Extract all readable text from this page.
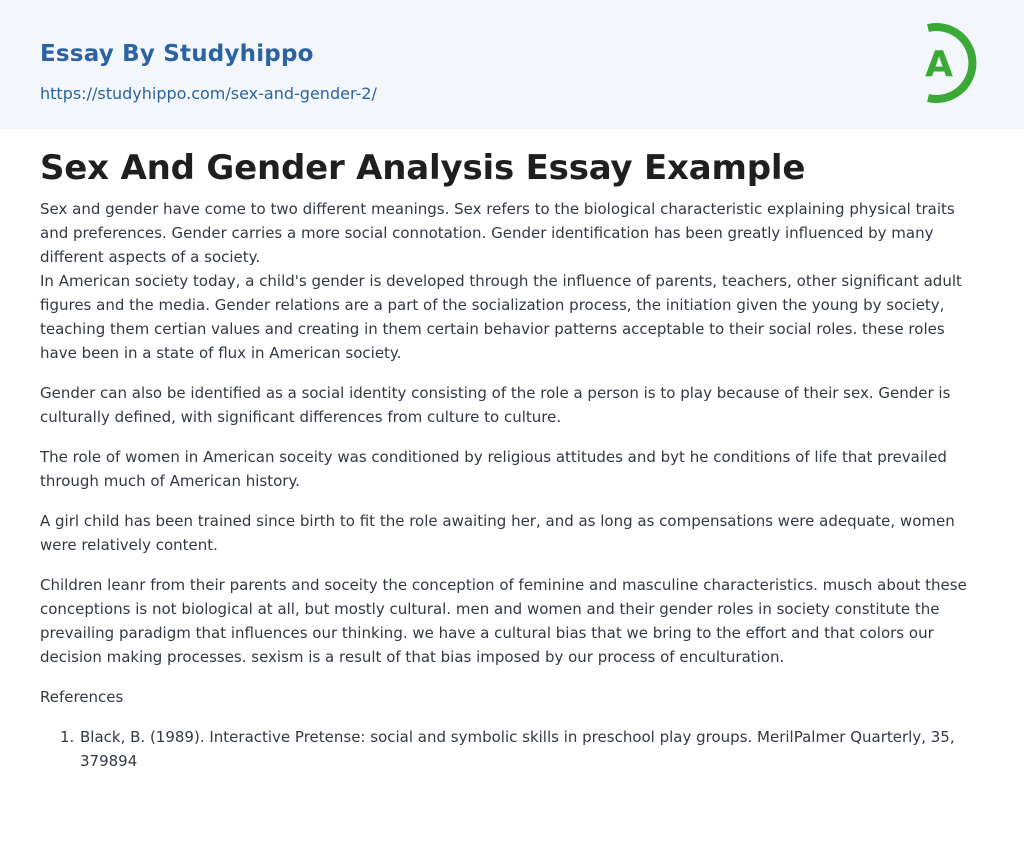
Essay By Studyhippo
https://studyhippo.com/sex-and-gender-2/
A
Sex And Gender Analysis Essay Example

Sex and gender have come to two different meanings. Sex refers to the biological characteristic explaining physical traits and preferences. Gender carries a more social connotation. Gender identification has been greatly influenced by many different aspects of a society.

In American society today, a child's gender is developed through the influence of parents, teachers, other significant adult figures and the media. Gender relations are a part of the socialization process, the initiation given the young by society, teaching them certian values and creating in them certain behavior patterns acceptable to their social roles. these roles have been in a state of flux in American society.

Gender can also be identified as a social identity consisting of the role a person is to play because of their sex. Gender is culturally defined, with significant differences from culture to culture.

The role of women in American soceity was conditioned by religious attitudes and byt he conditions of life that prevailed through much of American history.

A girl child has been trained since birth to fit the role awaiting her, and as long as compensations were adequate, women were relatively content.

Children leanr from their parents and soceity the conception of feminine and masculine characteristics. musch about these conceptions is not biological at all, but mostly cultural. men and women and their gender roles in society constitute the prevailing paradigm that influences our thinking. we have a cultural bias that we bring to the effort and that colors our decision making processes. sexism is a result of that bias imposed by our process of enculturation.

References

1. Black, B. (1989). Interactive Pretense: social and symbolic skills in preschool play groups. MerilPalmer Quarterly, 35, 379894
